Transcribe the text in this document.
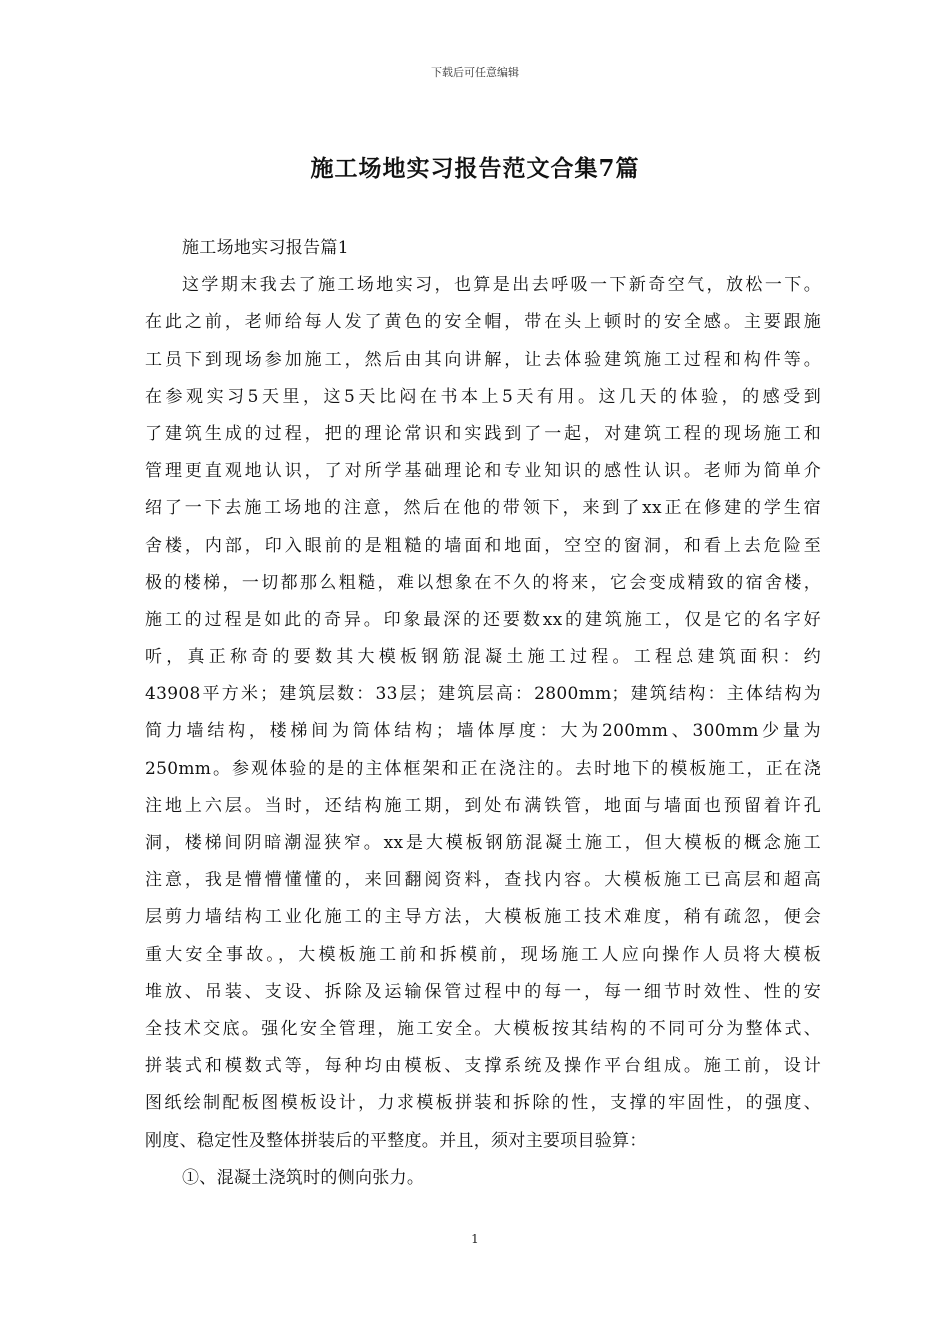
下载后可任意编辑
施工场地实习报告范文合集7篇
施工场地实习报告篇1
这学期末我去了施工场地实习，也算是出去呼吸一下新奇空气，放松一下。
在此之前，老师给每人发了黄色的安全帽，带在头上顿时的安全感。主要跟施
工员下到现场参加施工，然后由其向讲解，让去体验建筑施工过程和构件等。
在参观实习5天里，这5天比闷在书本上5天有用。这几天的体验，的感受到
了建筑生成的过程，把的理论常识和实践到了一起，对建筑工程的现场施工和
管理更直观地认识，了对所学基础理论和专业知识的感性认识。老师为简单介
绍了一下去施工场地的注意，然后在他的带领下，来到了xx正在修建的学生宿
舍楼，内部，印入眼前的是粗糙的墙面和地面，空空的窗洞，和看上去危险至
极的楼梯，一切都那么粗糙，难以想象在不久的将来，它会变成精致的宿舍楼，
施工的过程是如此的奇异。印象最深的还要数xx的建筑施工，仅是它的名字好
听，真正称奇的要数其大模板钢筋混凝土施工过程。工程总建筑面积：约
43908平方米；建筑层数：33层；建筑层高：2800mm；建筑结构：主体结构为
简力墙结构，楼梯间为筒体结构；墙体厚度：大为200mm、300mm少量为
250mm。参观体验的是的主体框架和正在浇注的。去时地下的模板施工，正在浇
注地上六层。当时，还结构施工期，到处布满铁管，地面与墙面也预留着许孔
洞，楼梯间阴暗潮湿狭窄。xx是大模板钢筋混凝土施工，但大模板的概念施工
注意，我是懵懵懂懂的，来回翻阅资料，查找内容。大模板施工已高层和超高
层剪力墙结构工业化施工的主导方法，大模板施工技术难度，稍有疏忽，便会
重大安全事故。，大模板施工前和拆模前，现场施工人应向操作人员将大模板
堆放、吊装、支设、拆除及运输保管过程中的每一，每一细节时效性、性的安
全技术交底。强化安全管理，施工安全。大模板按其结构的不同可分为整体式、
拼装式和模数式等，每种均由模板、支撑系统及操作平台组成。施工前，设计
图纸绘制配板图模板设计，力求模板拼装和拆除的性，支撑的牢固性，的强度、
刚度、稳定性及整体拼装后的平整度。并且，须对主要项目验算：
①、混凝土浇筑时的侧向张力。
1
